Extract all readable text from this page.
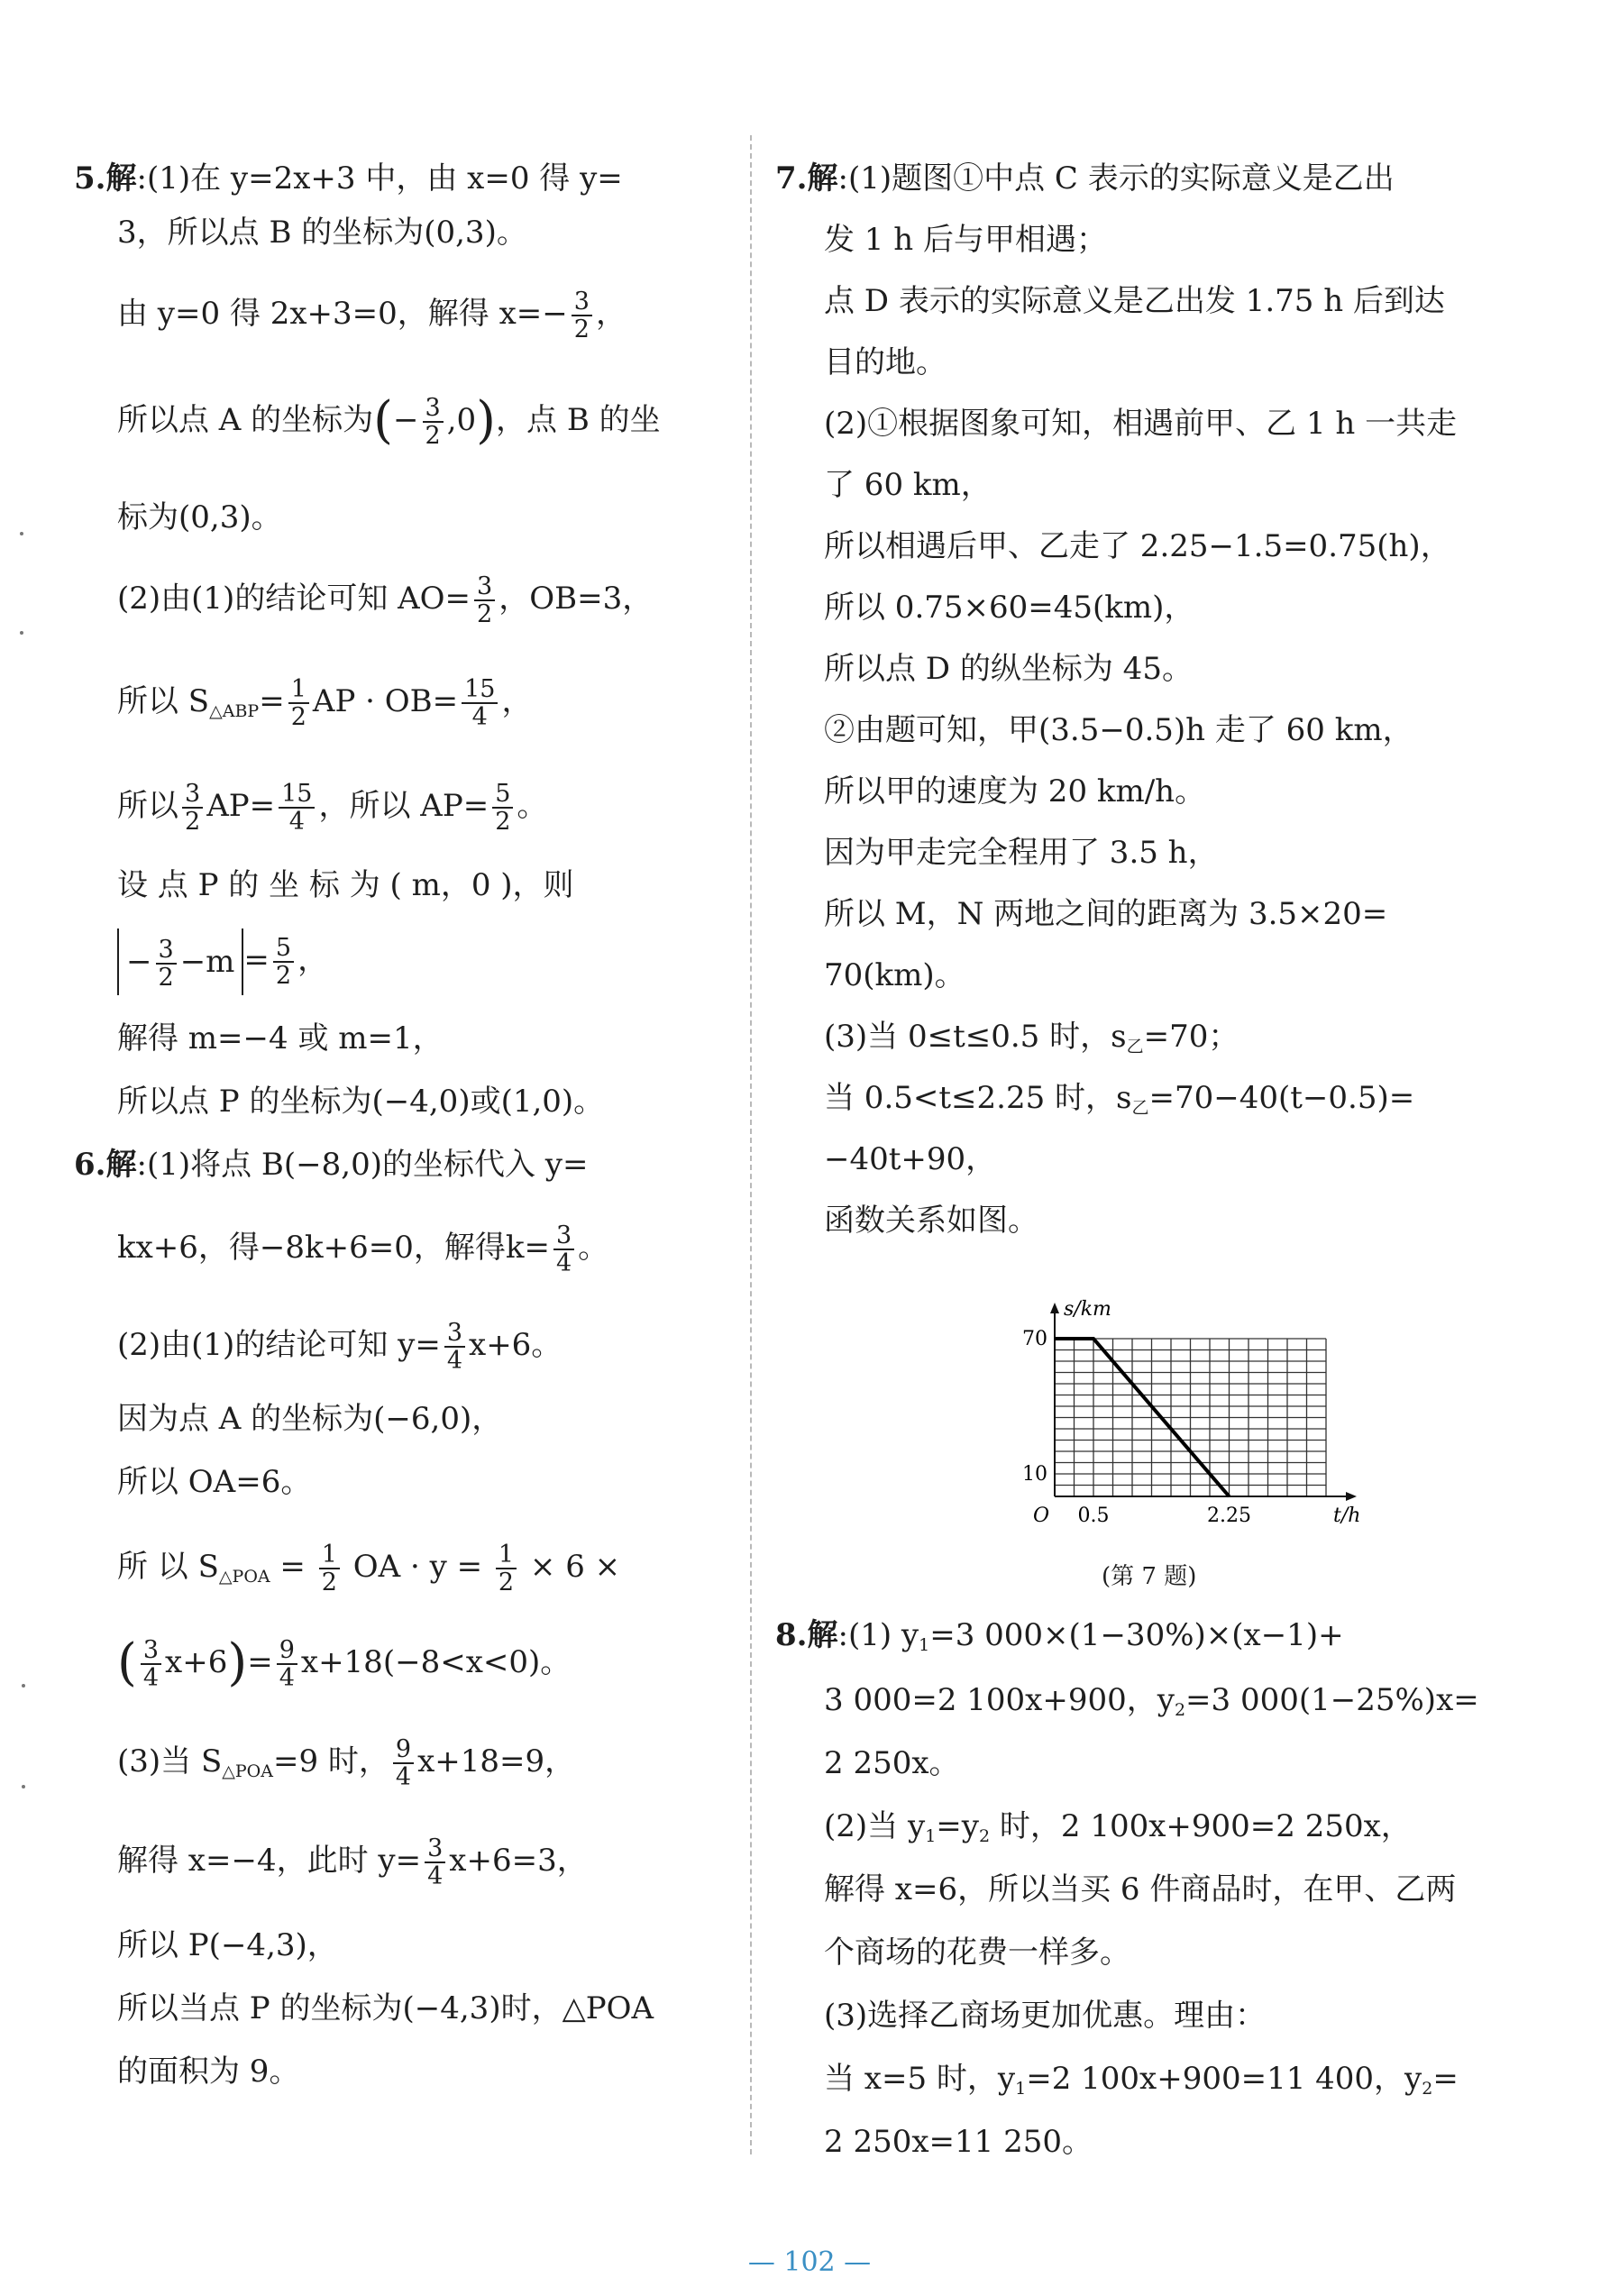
5.解:(1)在 y=2x+3 中，由 x=0 得 y=
3，所以点 B 的坐标为(0,3)。
由 y=0 得 2x+3=0，解得 $x=- \frac{3}{2}$ ，
所以点 A 的坐标为(− $\frac{3}{2} ,0$)，点 B 的坐
标为(0,3)。
(2)由(1)的结论可知 $AO= \frac{3}{2}$ ，OB=3，
所以 $S_{\triangle ABP}= \frac{1}{2}$ AP · $OB= \frac{15}{4}$ ，
所以 $\frac{3}{2} AP= \frac{15}{4}$ ，所以 $AP= \frac{5}{2}$ 。
设 点 P 的 坐 标 为 ( m，0 )，则
− $\frac{3}{2} -m = \frac{5}{2}$ ，
解得 m=−4 或 m=1，
所以点 P 的坐标为(−4,0)或(1,0)。
6.解:(1)将点 B(−8,0)的坐标代入 y=
kx+6，得−8k+6=0，解得$k= \frac{3}{4}$ 。
(2)由(1)的结论可知 $y= \frac{3}{4} x+6$。
因为点 A 的坐标为(−6,0)，
所以 OA=6。
所 以 $S_{\triangle POA} = \frac{1}{2}$ OA · $y = \frac{1}{2} \times 6$ ×
( $\frac{3}{4} x+6)= \frac{9}{4} x+18(-8<x<0)$。
(3)当 $S_{\triangle POA}=9$ 时， $\frac{9}{4} x+18=9$，
解得 x=−4，此时 $y= \frac{3}{4} x+6=3$，
所以 P(−4,3)，
所以当点 P 的坐标为(−4,3)时，△POA
的面积为 9。
7.解:(1)题图①中点 C 表示的实际意义是乙出
发 1 h 后与甲相遇；
点 D 表示的实际意义是乙出发 1.75 h 后到达
目的地。
(2)①根据图象可知，相遇前甲、乙 1 h 一共走
了 60 km，
所以相遇后甲、乙走了 2.25−1.5=0.75(h)，
所以 0.75×60=45(km)，
所以点 D 的纵坐标为 45。
②由题可知，甲(3.5−0.5)h 走了 60 km，
所以甲的速度为 20 km/h。
因为甲走完全程用了 3.5 h，
所以 M，N 两地之间的距离为 3.5×20=
70(km)。
(3)当 0≤t≤0.5 时，$s_乙=70$；
当 0.5<t≤2.25 时，$s_乙=70-40(t-0.5)=$
−40t+90，
函数关系如图。
s/km
t/h
O
70
10
0.5	2.25
(第 7 题)
8.解:(1) $y_1=3$ 000×(1−30%)×(x−1)+
3 000=2 100x+900，$y_2=3$ 000(1−25%)x=
2 250x。
(2)当 $y_1=y_2$ 时，2 100x+900=2 250x，
解得 x=6，所以当买 6 件商品时，在甲、乙两
个商场的花费一样多。
(3)选择乙商场更加优惠。理由：
当 x=5 时，$y_1=2$ 100x+900=11 400，$y_2=$
2 250x=11 250。
— 102 —
